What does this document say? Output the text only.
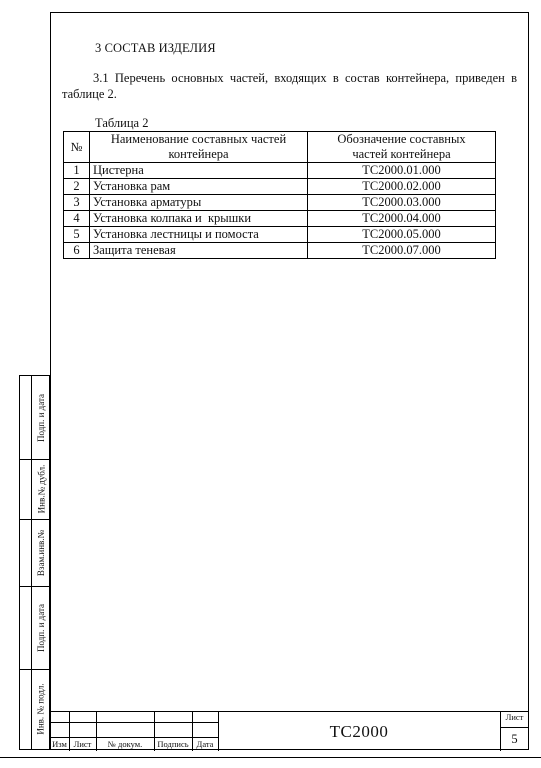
3 СОСТАВ ИЗДЕЛИЯ
3.1 Перечень основных частей, входящих в состав контейнера, приведен в таблице 2.
Таблица 2
№	Наименование составных частей контейнера	Обозначение составных частей контейнера
1	Цистерна	ТС2000.01.000
2	Установка рам	ТС2000.02.000
3	Установка арматуры	ТС2000.03.000
4	Установка колпака и  крышки	ТС2000.04.000
5	Установка лестницы и помоста	ТС2000.05.000
6	Защита теневая	ТС2000.07.000
Подп. и дата
Инв.№ дубл.
Взам.инв.№
Подп. и дата
Инв. № подл.
Изм Лист	№ докум.	Подпись Дата
ТС2000
Лист
5
